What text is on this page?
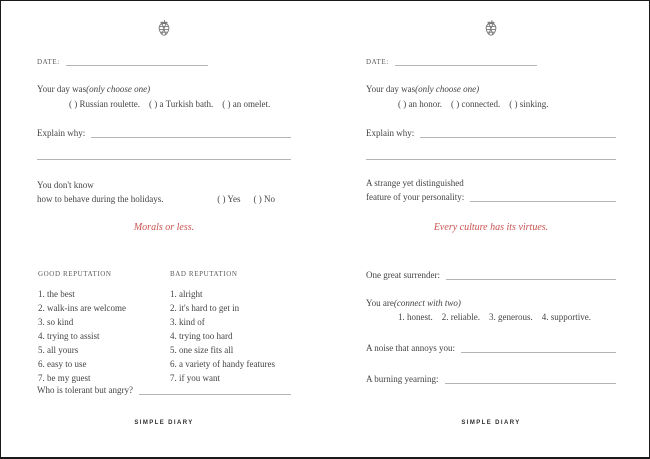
DATE:
Your day was (only choose one)
( ) Russian roulette. ( ) a Turkish bath. ( ) an omelet.
Explain why:
You don't know
how to behave during the holidays.	( ) Yes ( ) No
Morals or less.
GOOD REPUTATION
1. the best
2. walk-ins are welcome
3. so kind
4. trying to assist
5. all yours
6. easy to use
7. be my guest
BAD REPUTATION
1. alright
2. it's hard to get in
3. kind of
4. trying too hard
5. one size fits all
6. a variety of handy features
7. if you want
Who is tolerant but angry?
SIMPLE DIARY
DATE:
Your day was (only choose one)
( ) an honor. ( ) connected. ( ) sinking.
Explain why:
A strange yet distinguished
feature of your personality:
Every culture has its virtues.
One great surrender:
You are (connect with two)
1. honest. 2. reliable. 3. generous. 4. supportive.
A noise that annoys you:
A burning yearning:
SIMPLE DIARY
